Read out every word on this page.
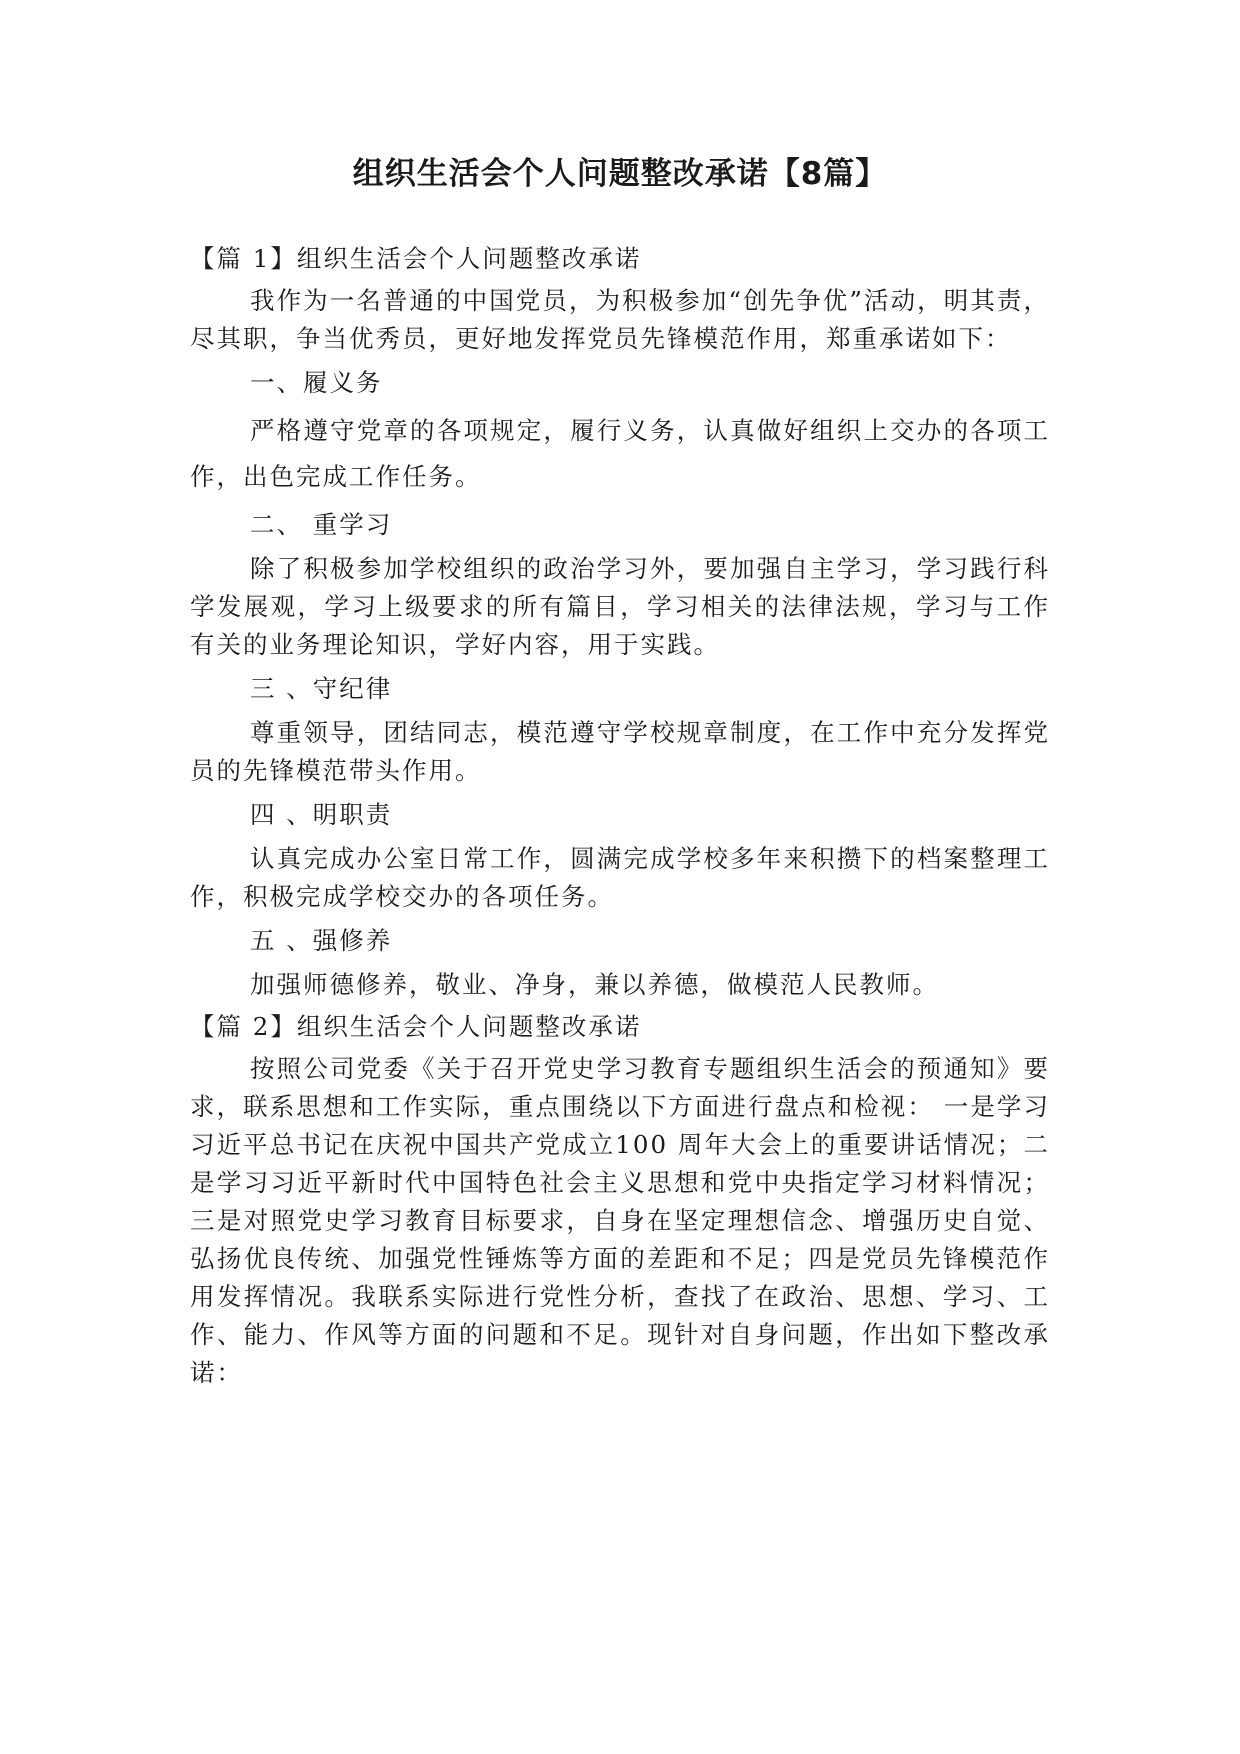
组织生活会个人问题整改承诺【8篇】

【篇 1】组织生活会个人问题整改承诺

我作为一名普通的中国党员，为积极参加“创先争优”活动，明其责，尽其职，争当优秀员，更好地发挥党员先锋模范作用，郑重承诺如下：

一、履义务

严格遵守党章的各项规定，履行义务，认真做好组织上交办的各项工作，出色完成工作任务。

二、 重学习

除了积极参加学校组织的政治学习外，要加强自主学习，学习践行科学发展观，学习上级要求的所有篇目，学习相关的法律法规，学习与工作有关的业务理论知识，学好内容，用于实践。

三 、守纪律

尊重领导，团结同志，模范遵守学校规章制度，在工作中充分发挥党员的先锋模范带头作用。

四 、明职责

认真完成办公室日常工作，圆满完成学校多年来积攒下的档案整理工作，积极完成学校交办的各项任务。

五 、强修养

加强师德修养，敬业、净身，兼以养德，做模范人民教师。

【篇 2】组织生活会个人问题整改承诺

按照公司党委《关于召开党史学习教育专题组织生活会的预通知》要求，联系思想和工作实际，重点围绕以下方面进行盘点和检视： 一是学习习近平总书记在庆祝中国共产党成立100 周年大会上的重要讲话情况；二是学习习近平新时代中国特色社会主义思想和党中央指定学习材料情况；三是对照党史学习教育目标要求，自身在坚定理想信念、增强历史自觉、弘扬优良传统、加强党性锤炼等方面的差距和不足；四是党员先锋模范作用发挥情况。我联系实际进行党性分析，查找了在政治、思想、学习、工作、能力、作风等方面的问题和不足。现针对自身问题，作出如下整改承诺：
